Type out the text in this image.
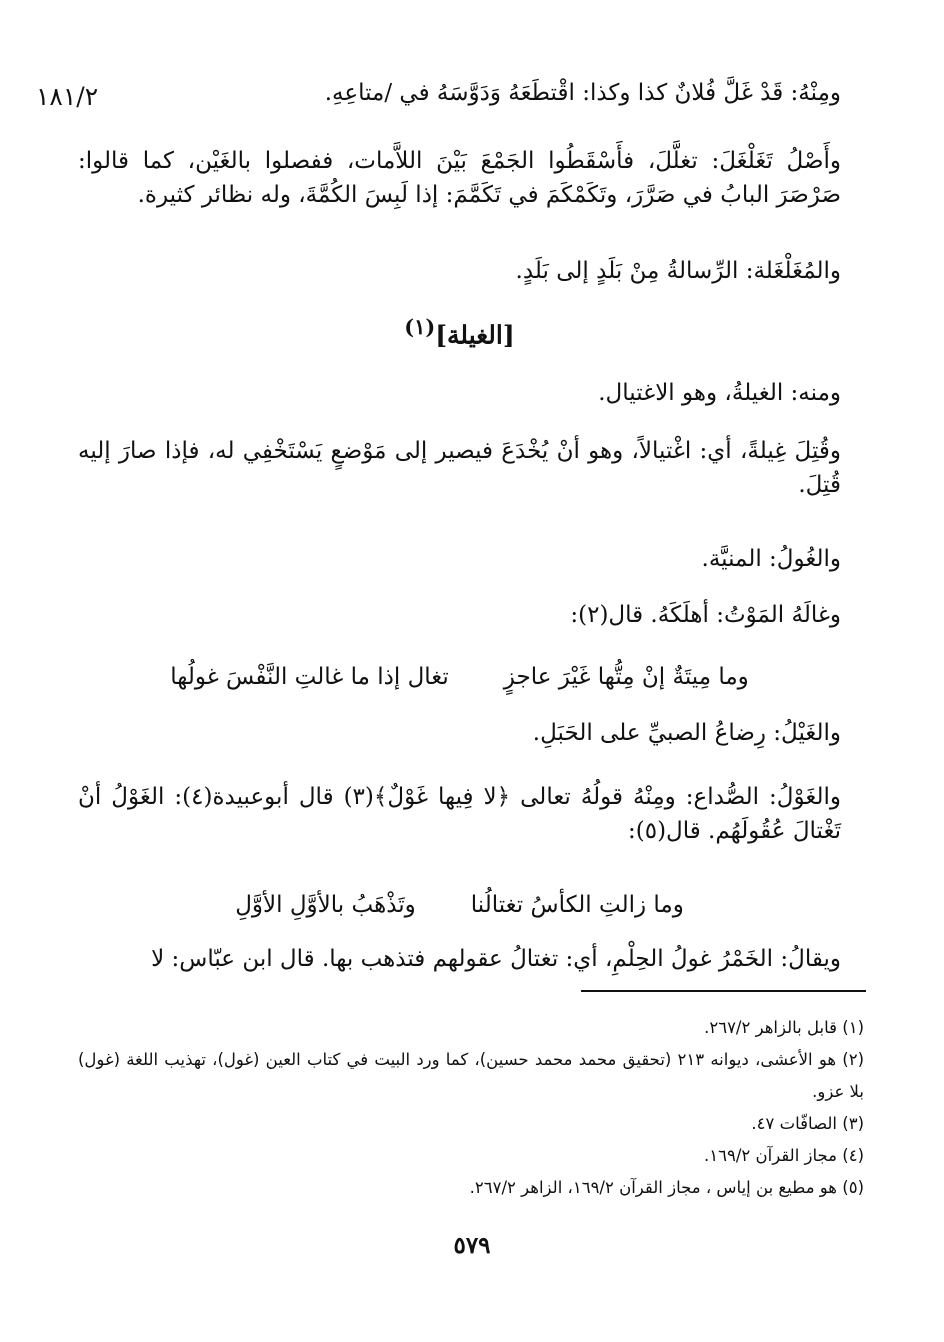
١٨١/٢	ومِنْهُ: قَدْ غَلَّ فُلانٌ كذا وكذا: اقْتطَعَهُ وَدَوَّسَهُ في /متاعِهِ.

وأَصْلُ تَغَلْغَلَ: تغلَّلَ، فأَسْقَطُوا الجَمْعَ بَيْنَ اللاَّمات، ففصلوا بالغَيْن، كما قالوا: صَرْصَرَ البابُ في صَرَّرَ، وتَكَمْكَمَ في تَكَمَّمَ: إذا لَبِسَ الكُمَّةَ، وله نظائر كثيرة.

والمُغَلْغَلة: الرِّسالةُ مِنْ بَلَدٍ إلى بَلَدٍ.

[الغيلة]$^{(١)}$

ومنه: الغيلةُ، وهو الاغتيال.

وقُتِلَ غِيلةً، أي: اغْتيالاً، وهو أنْ يُخْدَعَ فيصير إلى مَوْضعٍ يَسْتَخْفِي له، فإذا صارَ إليه قُتِلَ.

والغُولُ: المنيَّة.

وغالَهُ المَوْتُ: أهلَكَهُ. قال(٢):

وما مِيتَةٌ إنْ مِتُّها غَيْرَ عاجزٍ
تغال إذا ما غالتِ النَّفْسَ غولُها

والغَيْلُ: رِضاعُ الصبيِّ على الحَبَلِ.

والغَوْلُ: الصُّداع: ومِنْهُ قولُهُ تعالى ﴿لا فِيها غَوْلٌ﴾(٣) قال أبوعبيدة(٤): الغَوْلُ أنْ تَغْتالَ عُقُولَهُم. قال(٥):

وما زالتِ الكأسُ تغتالُنا
وتَذْهَبُ بالأوَّلِ الأوَّلِ

ويقالُ: الخَمْرُ غولُ الحِلْمِ، أي: تغتالُ عقولهم فتذهب بها. قال ابن عبّاس: لا

(١) قابل بالزاهر ٢٦٧/٢.

(٢) هو الأعشى، ديوانه ٢١٣ (تحقيق محمد محمد حسين)، كما ورد البيت في كتاب العين (غول)، تهذيب اللغة (غول) بلا عزو.

(٣) الصافّات ٤٧.

(٤) مجاز القرآن ١٦٩/٢.

(٥) هو مطيع بن إياس ، مجاز القرآن ١٦٩/٢، الزاهر ٢٦٧/٢.

٥٧٩
